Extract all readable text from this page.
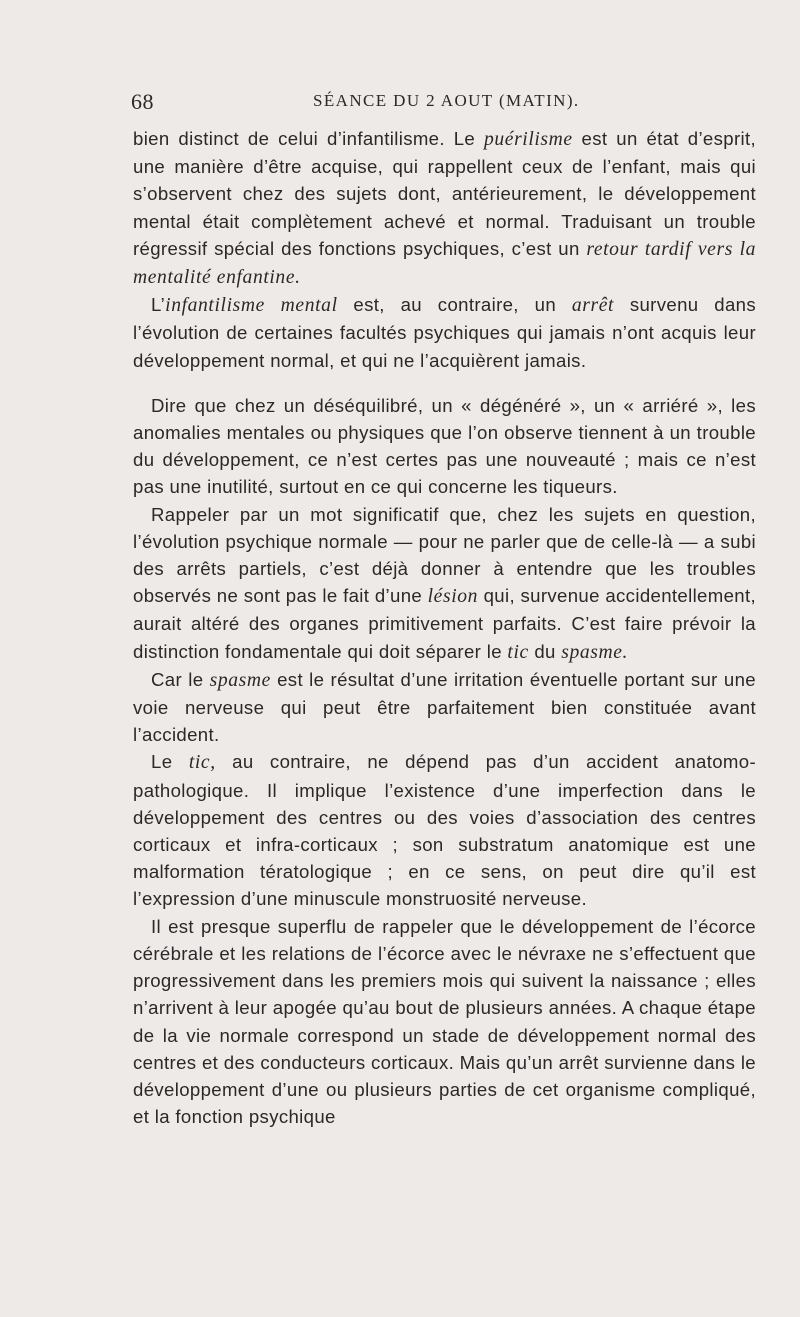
68	SÉANCE DU 2 AOUT (MATIN).

bien distinct de celui d’infantilisme. Le puérilisme est un état d’esprit, une manière d’être acquise, qui rappellent ceux de l’enfant, mais qui s’observent chez des sujets dont, antérieurement, le développement mental était complètement achevé et normal. Traduisant un trouble régressif spécial des fonctions psychiques, c’est un retour tardif vers la mentalité enfantine.

L’infantilisme mental est, au contraire, un arrêt survenu dans l’évolution de certaines facultés psychiques qui jamais n’ont acquis leur développement normal, et qui ne l’acquièrent jamais.

Dire que chez un déséquilibré, un « dégénéré », un « arriéré », les anomalies mentales ou physiques que l’on observe tiennent à un trouble du développement, ce n’est certes pas une nouveauté ; mais ce n’est pas une inutilité, surtout en ce qui concerne les tiqueurs.

Rappeler par un mot significatif que, chez les sujets en question, l’évolution psychique normale — pour ne parler que de celle-là — a subi des arrêts partiels, c’est déjà donner à entendre que les troubles observés ne sont pas le fait d’une lésion qui, survenue accidentellement, aurait altéré des organes primitivement parfaits. C’est faire prévoir la distinction fondamentale qui doit séparer le tic du spasme.

Car le spasme est le résultat d’une irritation éventuelle portant sur une voie nerveuse qui peut être parfaitement bien constituée avant l’accident.

Le tic, au contraire, ne dépend pas d’un accident anatomo-pathologique. Il implique l’existence d’une imperfection dans le développement des centres ou des voies d’association des centres corticaux et infra-corticaux ; son substratum anatomique est une malformation tératologique ; en ce sens, on peut dire qu’il est l’expression d’une minuscule monstruosité nerveuse.

Il est presque superflu de rappeler que le développement de l’écorce cérébrale et les relations de l’écorce avec le névraxe ne s’effectuent que progressivement dans les premiers mois qui suivent la naissance ; elles n’arrivent à leur apogée qu’au bout de plusieurs années. A chaque étape de la vie normale correspond un stade de développement normal des centres et des conducteurs corticaux. Mais qu’un arrêt survienne dans le développement d’une ou plusieurs parties de cet organisme compliqué, et la fonction psychique
